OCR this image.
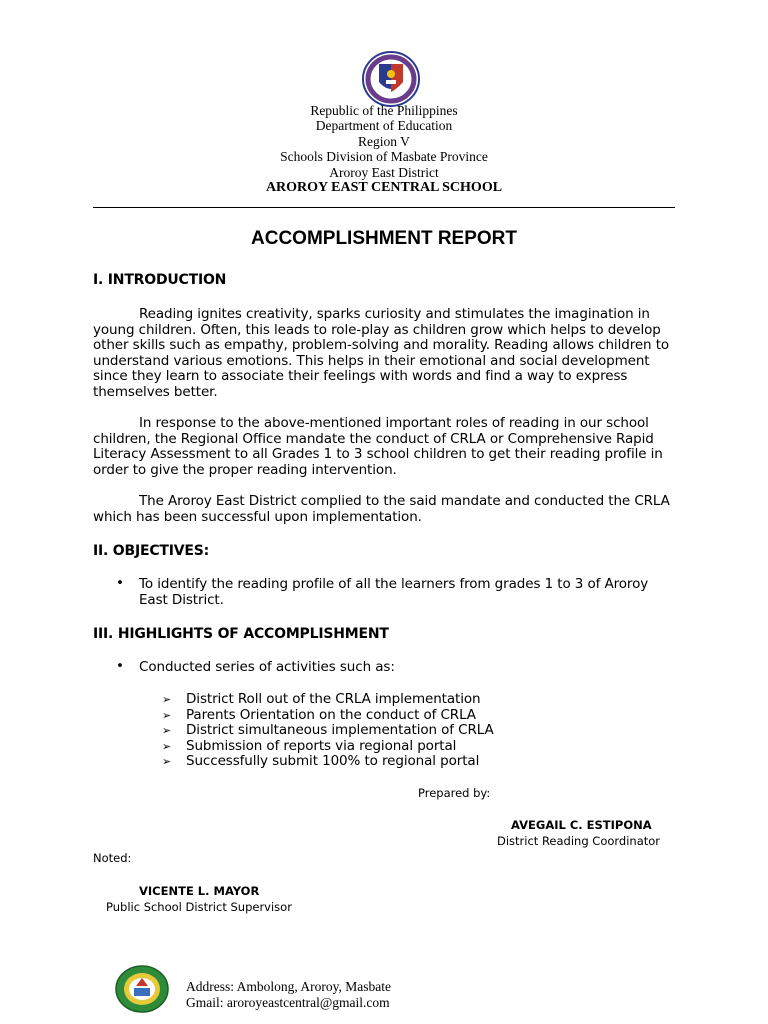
Republic of the Philippines
Department of Education
Region V
Schools Division of Masbate Province
Aroroy East District
AROROY EAST CENTRAL SCHOOL
ACCOMPLISHMENT REPORT
I. INTRODUCTION
Reading ignites creativity, sparks curiosity and stimulates the imagination in young children. Often, this leads to role-play as children grow which helps to develop other skills such as empathy, problem-solving and morality. Reading allows children to understand various emotions. This helps in their emotional and social development since they learn to associate their feelings with words and find a way to express themselves better.
In response to the above-mentioned important roles of reading in our school children, the Regional Office mandate the conduct of CRLA or Comprehensive Rapid Literacy Assessment to all Grades 1 to 3 school children to get their reading profile in order to give the proper reading intervention.
The Aroroy East District complied to the said mandate and conducted the CRLA which has been successful upon implementation.
II. OBJECTIVES:
• To identify the reading profile of all the learners from grades 1 to 3 of Aroroy East District.
III. HIGHLIGHTS OF ACCOMPLISHMENT
• Conducted series of activities such as:
➢ District Roll out of the CRLA implementation
➢ Parents Orientation on the conduct of CRLA
➢ District simultaneous implementation of CRLA
➢ Submission of reports via regional portal
➢ Successfully submit 100% to regional portal
Prepared by:
AVEGAIL C. ESTIPONA
District Reading Coordinator
Noted:
VICENTE L. MAYOR
Public School District Supervisor
Address: Ambolong, Aroroy, Masbate
Gmail: aroroyeastcentral@gmail.com
